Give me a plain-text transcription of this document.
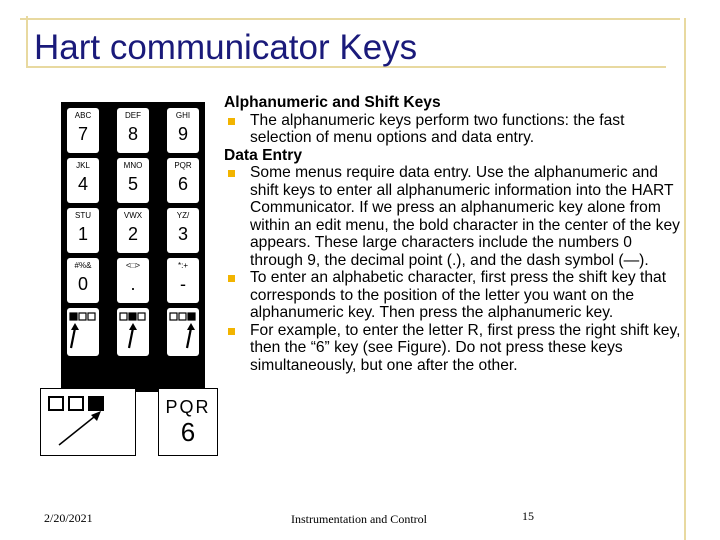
Hart communicator Keys
ABC
7
DEF
8
GHI
9
JKL
4
MNO
5
PQR
6
STU
1
VWX
2
YZ/
3
#%&
0
<□>
.
*:+
-
PQR
6
Alphanumeric and Shift Keys
The alphanumeric keys perform two functions: the fast selection of menu options and data entry.
Data Entry
Some menus require data entry. Use the alphanumeric and shift keys to enter all alphanumeric information into the HART Communicator. If we press an alphanumeric key alone from within an edit menu, the bold character in the center of the key appears. These large characters include the numbers 0 through 9, the decimal point (.), and the dash symbol (—).
To enter an alphabetic character, first press the shift key that corresponds to the position of the letter you want on the alphanumeric key. Then press the alphanumeric key.
For example, to enter the letter R, first press the right shift key, then the “6” key (see Figure). Do not press these keys simultaneously, but one after the other.
2/20/2021	Instrumentation and Control	15
